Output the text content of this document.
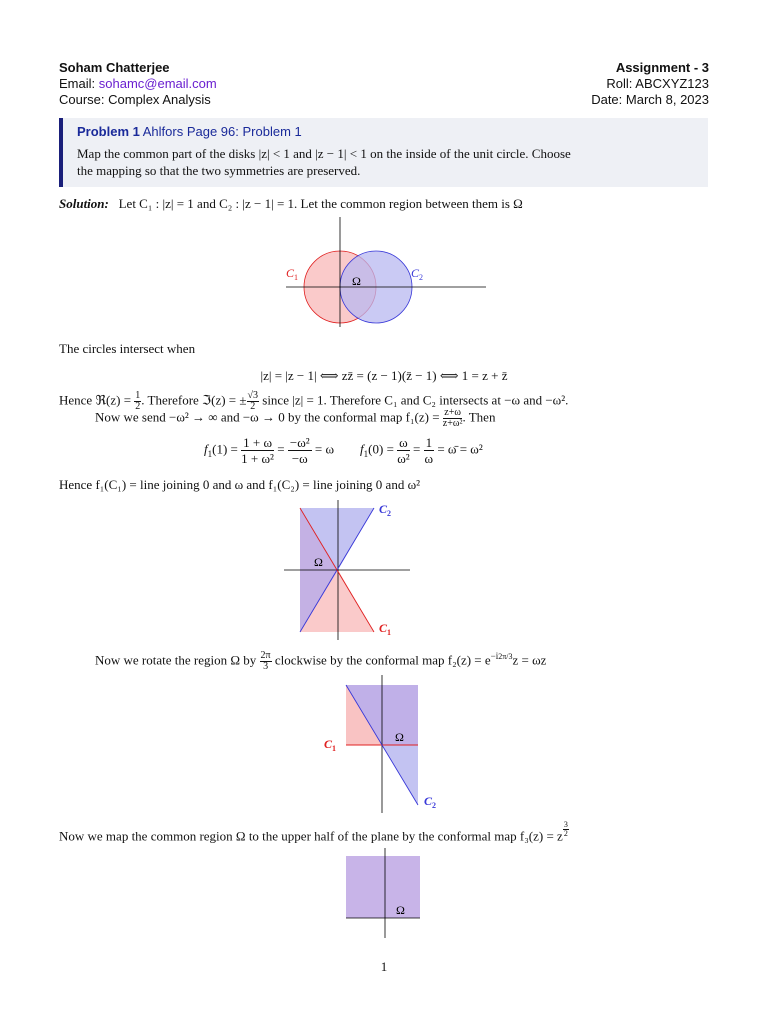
Soham Chatterjee
Email: sohamc@email.com
Course: Complex Analysis
Assignment - 3
Roll: ABCXYZ123
Date: March 8, 2023
Problem 1 Ahlfors Page 96: Problem 1
Map the common part of the disks |z| < 1 and |z − 1| < 1 on the inside of the unit circle. Choose
the mapping so that the two symmetries are preserved.
Solution: Let C₁ : |z| = 1 and C₂ : |z − 1| = 1. Let the common region between them is Ω
Ω
$C_1$	$C_2$
The circles intersect when
|z| = |z − 1| ⟺ zz̄ = (z − 1)(z̄ − 1) ⟺ 1 = z + z̄
Hence ℜ(z) = $\frac{1}{2}$ . Therefore ℑ(z) = ± $\frac{√3}{2}$ since |z| = 1. Therefore C₁ and C₂ intersects at −ω and −ω².
Now we send −ω² → ∞ and −ω → 0 by the conformal map $f_1(z) = \frac{z+\omega}{\text{z+ω²}}$ . Then
$f_1(1) = \frac{1 + \omega}{\text{1 + ω²}} = \frac{\text{−ω²}}{-\omega} = \omega$        $f_1(0) = \frac{\omega}{\text{ω²}} = \frac{1}{\omega}$ = ω̄ = ω²
Hence f₁(C₁) = line joining 0 and ω and f₁(C₂) = line joining 0 and ω²
Ω
$C_2$
$C_1$
Now we rotate the region Ω by $\frac{2\pi}{3}$ clockwise by the conformal map $f_2(z) = e^{-i2\pi/3}z = \omega z$
Ω
$C_1$
$C_2$
Now we map the common region Ω to the upper half of the plane by the conformal map f₃(z) = z $^{\frac{3}{2}}$
Ω
1
